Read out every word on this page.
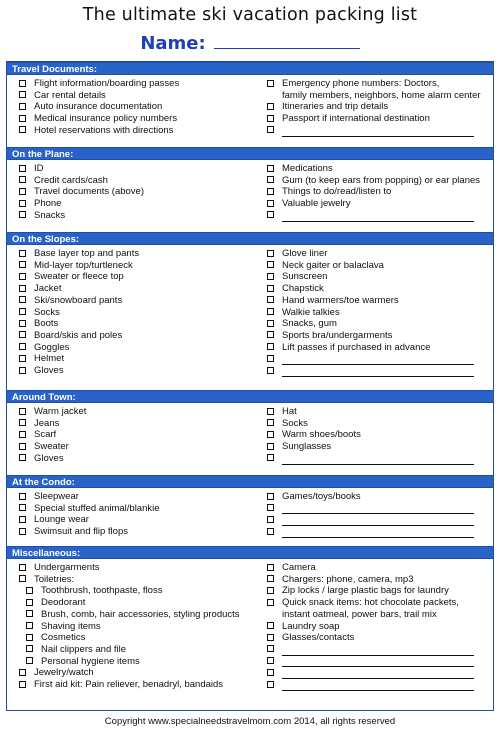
The ultimate ski vacation packing list
Name:
Travel Documents:
Flight information/boarding passes
Car rental details
Auto insurance documentation
Medical insurance policy numbers
Hotel reservations with directions
Emergency phone numbers: Doctors,
family members, neighbors, home alarm center
Itineraries and trip details
Passport if international destination
On the Plane:
ID
Credit cards/cash
Travel documents (above)
Phone
Snacks
Medications
Gum (to keep ears from popping) or ear planes
Things to do/read/listen to
Valuable jewelry
On the Slopes:
Base layer top and pants
Mid-layer top/turtleneck
Sweater or fleece top
Jacket
Ski/snowboard pants
Socks
Boots
Board/skis and poles
Goggles
Helmet
Gloves
Glove liner
Neck gaiter or balaclava
Sunscreen
Chapstick
Hand warmers/toe warmers
Walkie talkies
Snacks, gum
Sports bra/undergarments
Lift passes if purchased in advance
Around Town:
Warm jacket
Jeans
Scarf
Sweater
Gloves
Hat
Socks
Warm shoes/boots
Sunglasses
At the Condo:
Sleepwear
Special stuffed animal/blankie
Lounge wear
Swimsuit and flip flops
Games/toys/books
Miscellaneous:
Undergarments
Toiletries:
Toothbrush, toothpaste, floss
Deodorant
Brush, comb, hair accessories, styling products
Shaving items
Cosmetics
Nail clippers and file
Personal hygiene items
Jewelry/watch
First aid kit: Pain reliever, benadryl, bandaids
Camera
Chargers: phone, camera, mp3
Zip locks / large plastic bags for laundry
Quick snack items: hot chocolate packets,
instant oatmeal, power bars, trail mix
Laundry soap
Glasses/contacts
Copyright www.specialneedstravelmom.com 2014, all rights reserved
